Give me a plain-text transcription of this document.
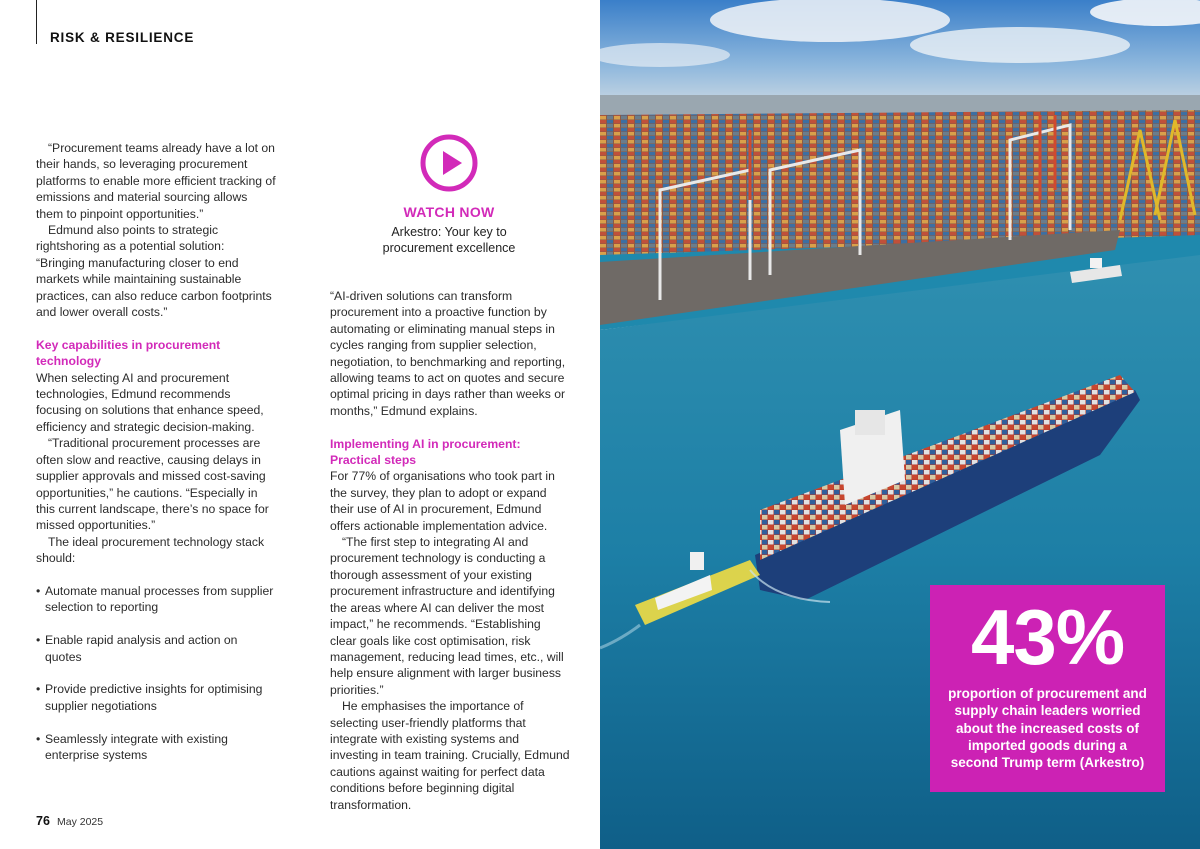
RISK & RESILIENCE

“Procurement teams already have a lot on their hands, so leveraging procurement platforms to enable more efficient tracking of emissions and material sourcing allows them to pinpoint opportunities.”

Edmund also points to strategic rightshoring as a potential solution: “Bringing manufacturing closer to end markets while maintaining sustainable practices, can also reduce carbon footprints and lower overall costs.”

Key capabilities in procurement technology

When selecting AI and procurement technologies, Edmund recommends focusing on solutions that enhance speed, efficiency and strategic decision-making.

“Traditional procurement processes are often slow and reactive, causing delays in supplier approvals and missed cost-saving opportunities,” he cautions. “Especially in this current landscape, there’s no space for missed opportunities.”

The ideal procurement technology stack should:

• Automate manual processes from supplier selection to reporting
• Enable rapid analysis and action on quotes
• Provide predictive insights for optimising supplier negotiations
• Seamlessly integrate with existing enterprise systems
WATCH NOW
Arkestro: Your key to procurement excellence

“AI-driven solutions can transform procurement into a proactive function by automating or eliminating manual steps in cycles ranging from supplier selection, negotiation, to benchmarking and reporting, allowing teams to act on quotes and secure optimal pricing in days rather than weeks or months,” Edmund explains.

Implementing AI in procurement: Practical steps

For 77% of organisations who took part in the survey, they plan to adopt or expand their use of AI in procurement, Edmund offers actionable implementation advice.

“The first step to integrating AI and procurement technology is conducting a thorough assessment of your existing procurement infrastructure and identifying the areas where AI can deliver the most impact,” he recommends. “Establishing clear goals like cost optimisation, risk management, reducing lead times, etc., will help ensure alignment with larger business priorities.”

He emphasises the importance of selecting user-friendly platforms that integrate with existing systems and investing in team training. Crucially, Edmund cautions against waiting for perfect data conditions before beginning digital transformation.

76 May 2025
43%
proportion of procurement and supply chain leaders worried about the increased costs of imported goods during a second Trump term (Arkestro)
